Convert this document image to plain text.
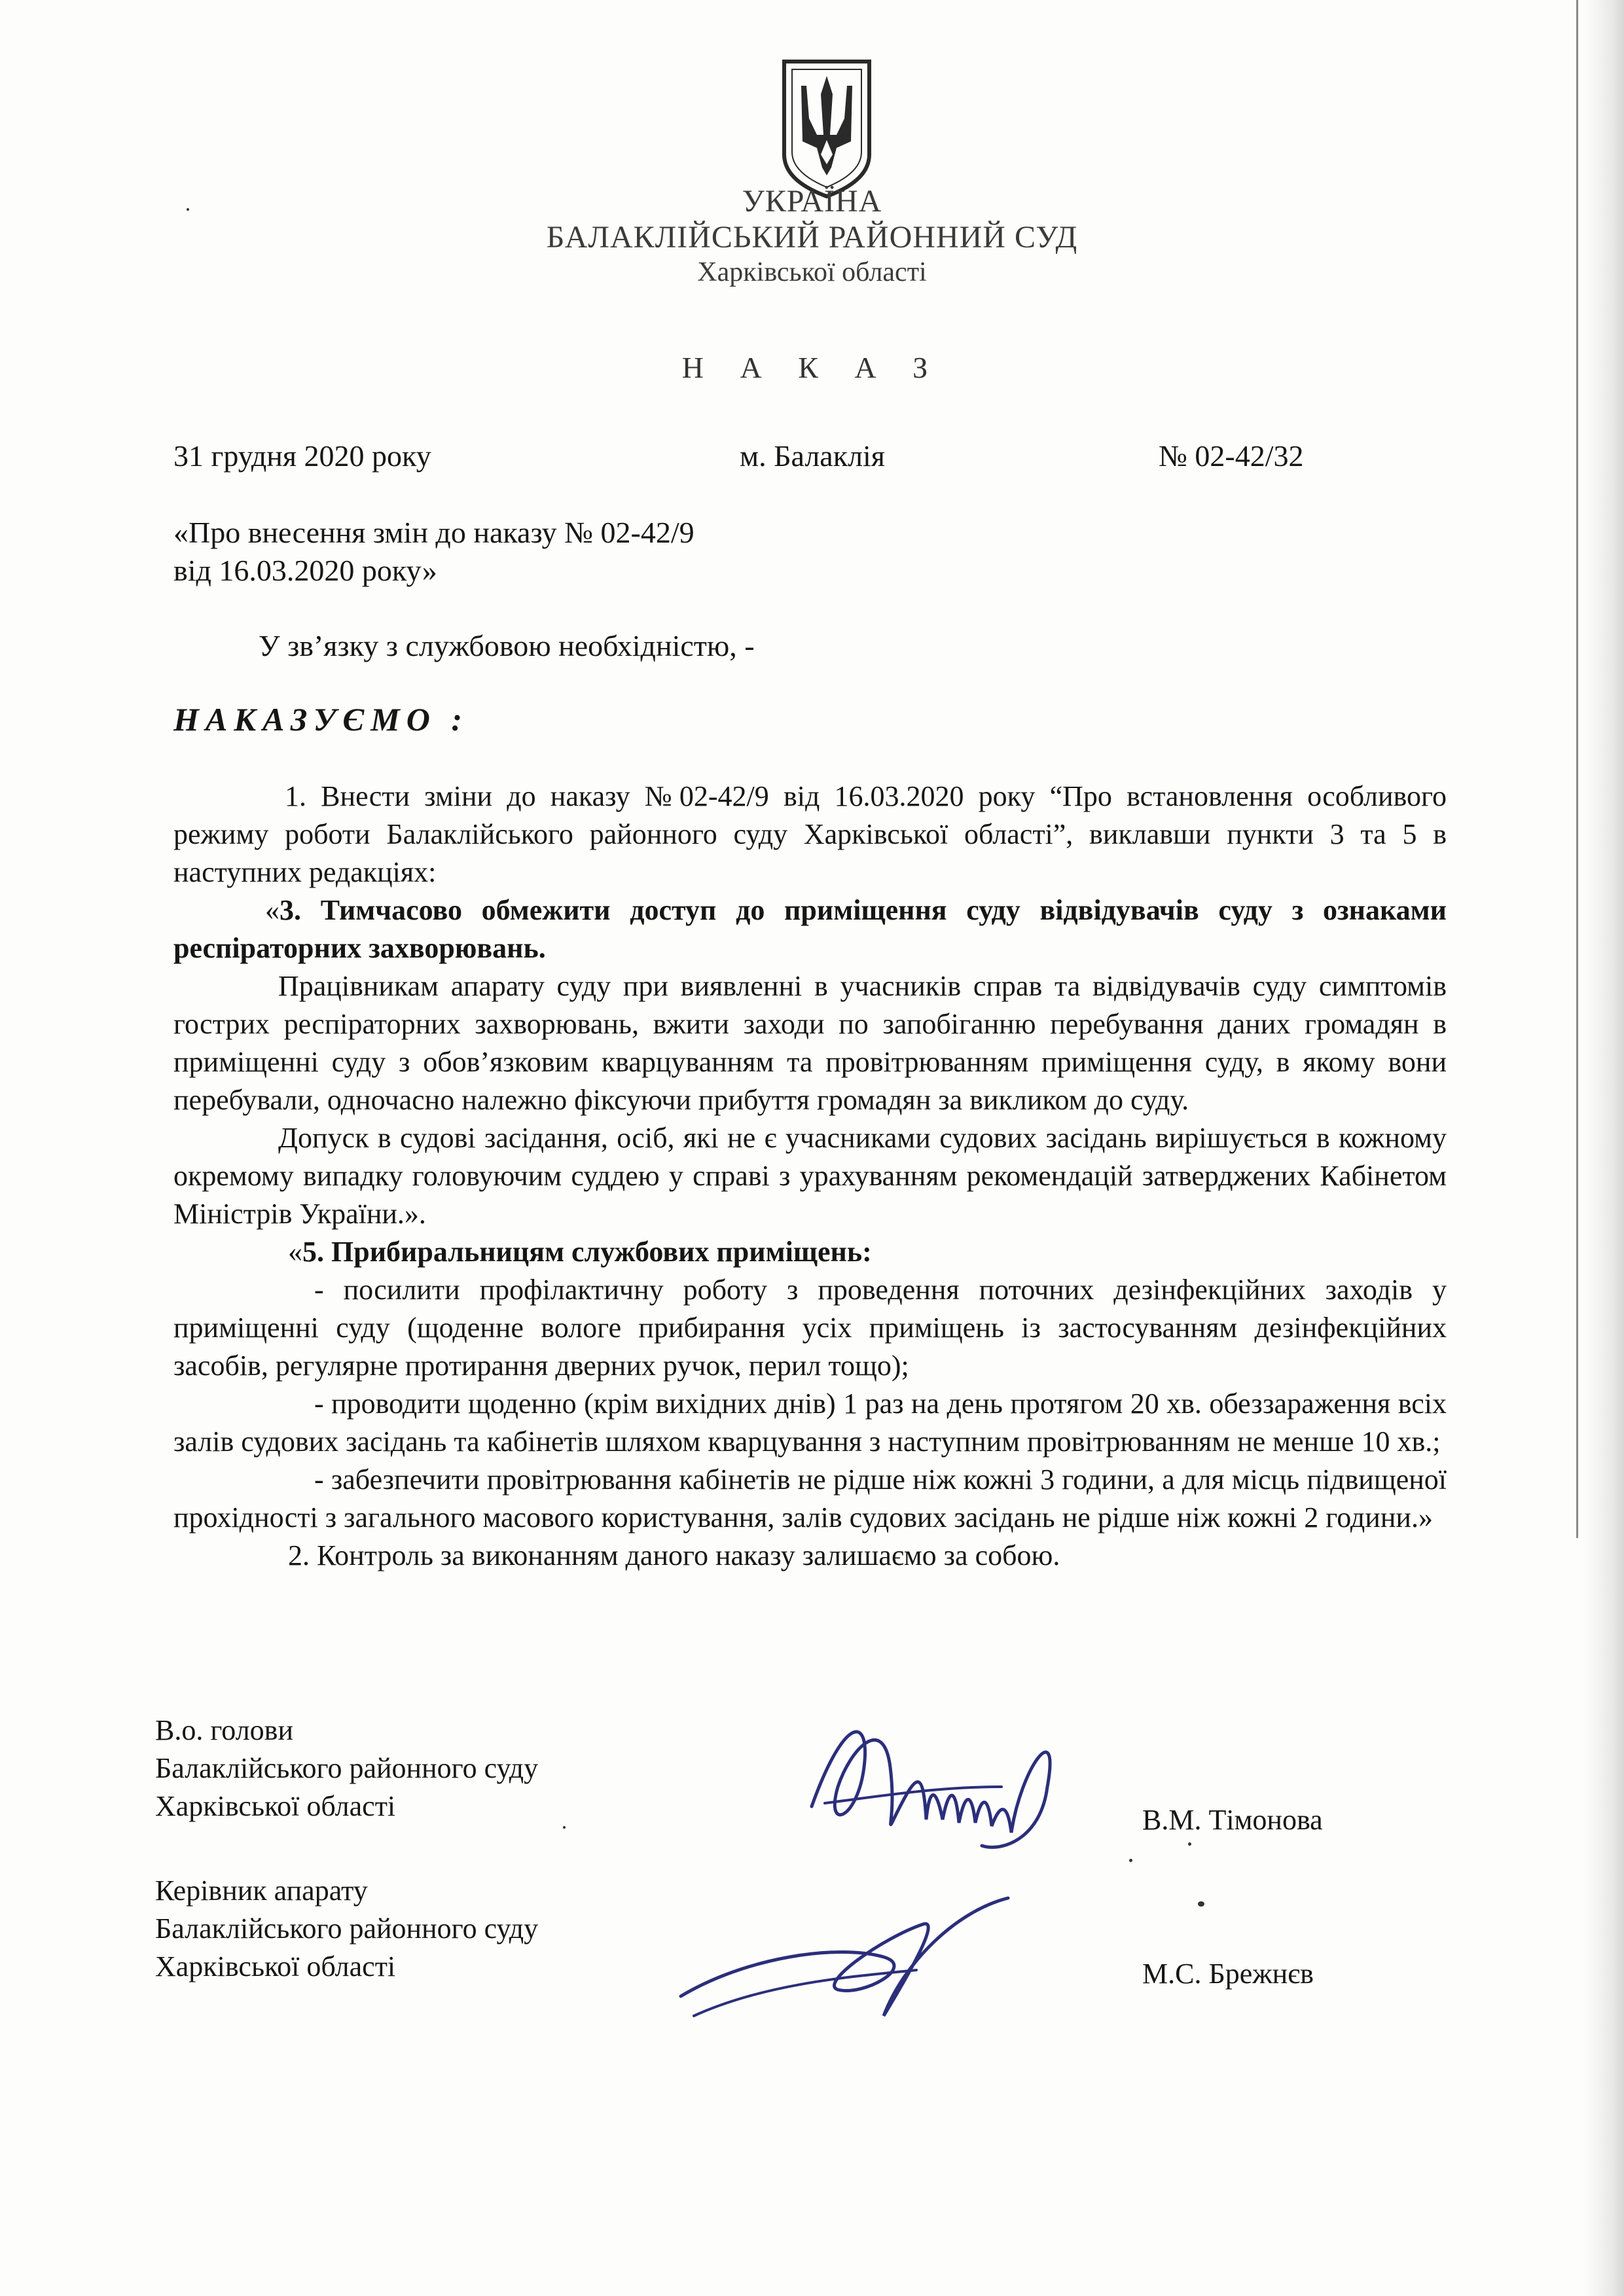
УКРАЇНА
БАЛАКЛІЙСЬКИЙ РАЙОННИЙ СУД
Харківської області
Н А К А З
31 грудня 2020 року	м. Балаклія	№ 02-42/32
«Про внесення змін до наказу № 02-42/9
від 16.03.2020 року»
У зв’язку з службовою необхідністю, -
НАКАЗУЄМО :

1. Внести зміни до наказу №02-42/9 від 16.03.2020 року “Про встановлення особливого режиму роботи Балаклійського районного суду Харківської області”, виклавши пункти 3 та 5 в наступних редакціях:

«3. Тимчасово обмежити доступ до приміщення суду відвідувачів суду з ознаками респіраторних захворювань.

Працівникам апарату суду при виявленні в учасників справ та відвідувачів суду симптомів гострих респіраторних захворювань, вжити заходи по запобіганню перебування даних громадян в приміщенні суду з обов’язковим кварцуванням та провітрюванням приміщення суду, в якому вони перебували, одночасно належно фіксуючи прибуття громадян за викликом до суду.

Допуск в судові засідання, осіб, які не є учасниками судових засідань вирішується в кожному окремому випадку головуючим суддею у справі з урахуванням рекомендацій затверджених Кабінетом Міністрів України.».

«5. Прибиральницям службових приміщень:

- посилити профілактичну роботу з проведення поточних дезінфекційних заходів у приміщенні суду (щоденне вологе прибирання усіх приміщень із застосуванням дезінфекційних засобів, регулярне протирання дверних ручок, перил тощо);

- проводити щоденно (крім вихідних днів) 1 раз на день протягом 20 хв. обеззараження всіх залів судових засідань та кабінетів шляхом кварцування з наступним провітрюванням не менше 10 хв.;

- забезпечити провітрювання кабінетів не рідше ніж кожні 3 години, а для місць підвищеної прохідності з загального масового користування, залів судових засідань не рідше ніж кожні 2 години.»

2. Контроль за виконанням даного наказу залишаємо за собою.

В.о. голови
Балаклійського районного суду
Харківської області	В.М. Тімонова
Керівник апарату
Балаклійського районного суду
Харківської області	М.С. Брежнєв
